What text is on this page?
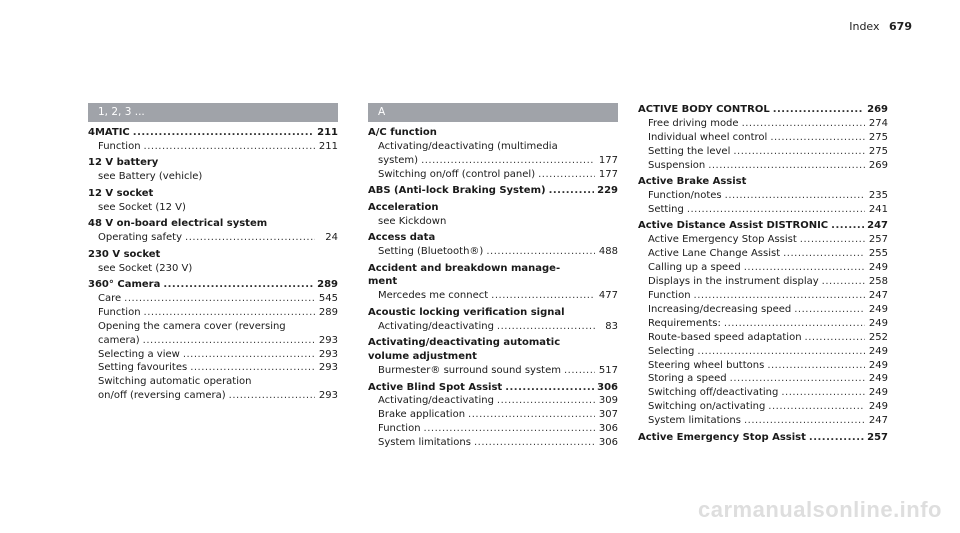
Index 679
1, 2, 3 ...
4MATIC .....	211
Function .....	211
12 V battery
see Battery (vehicle)
12 V socket
see Socket (12 V)
48 V on-board electrical system
Operating safety .....	24
230 V socket
see Socket (230 V)
360° Camera .....	289
Care .....	545
Function .....	289
Opening the camera cover (reversing
camera) .....	293
Selecting a view .....	293
Setting favourites .....	293
Switching automatic operation
on/off (reversing camera) .....	293
A
A/C function
Activating/deactivating (multimedia
system) .....	177
Switching on/off (control panel) .....	177
ABS (Anti-lock Braking System) .....	229
Acceleration
see Kickdown
Access data
Setting (Bluetooth®) .....	488
Accident and breakdown manage-
ment
Mercedes me connect .....	477
Acoustic locking verification signal
Activating/deactivating .....	83
Activating/deactivating automatic
volume adjustment
Burmester® surround sound system .....	517
Active Blind Spot Assist .....	306
Activating/deactivating .....	309
Brake application .....	307
Function .....	306
System limitations .....	306
ACTIVE BODY CONTROL .....	269
Free driving mode .....	274
Individual wheel control .....	275
Setting the level .....	275
Suspension .....	269
Active Brake Assist
Function/notes .....	235
Setting .....	241
Active Distance Assist DISTRONIC .....	247
Active Emergency Stop Assist .....	257
Active Lane Change Assist .....	255
Calling up a speed .....	249
Displays in the instrument display .....	258
Function .....	247
Increasing/decreasing speed .....	249
Requirements: .....	249
Route-based speed adaptation .....	252
Selecting .....	249
Steering wheel buttons .....	249
Storing a speed .....	249
Switching off/deactivating .....	249
Switching on/activating .....	249
System limitations .....	247
Active Emergency Stop Assist .....	257
carmanualsonline.info
